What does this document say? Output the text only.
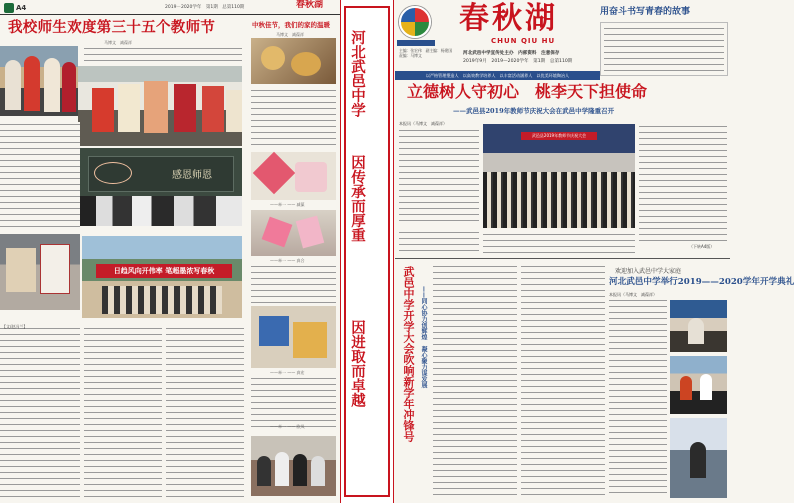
A4	2019－2020学年　第1期　总第110期	春秋湖
我校师生欢度第三十五个教师节
马博文　减葆祥
感恩师恩
日趋风向开伟率 笔超墨浓写春秋
【文/赵冯兰】
中秋佳节，我们的家的温暖
马博文　减葆祥
——牵一 —— 减葆
——牵一 —— 真合
——牵一 —— 真宏
——牵一 —— 欧凤
河北武邑中学
因传承而厚重
因进取而卓越
春秋湖
CHUN QIU HU
用奋斗书写青春的故事
主编：张宏伟　副主编：杨建国　责编：马博文	河北武邑中学宣传处主办　内部资料　注意保存
2019年9月　2019—2020学年　第1期　总第110期
以严格管理塑造人　以高效教学培养人　以丰富活动涵养人　以优美环境陶冶人
立德树人守初心　桃李天下担使命
——武邑县2019年教师节庆祝大会在武邑中学隆重召开
本报讯（马博文　减葆祥）
武邑县2019年教师节庆祝大会
（下转A4版）
武邑中学开学大会吹响新学年冲锋号 ——同心协力创辉煌　凝心聚力谋发展
欢迎加入武邑中学大家庭
河北武邑中学举行2019——2020学年开学典礼
本报讯（马博文　减葆祥）
